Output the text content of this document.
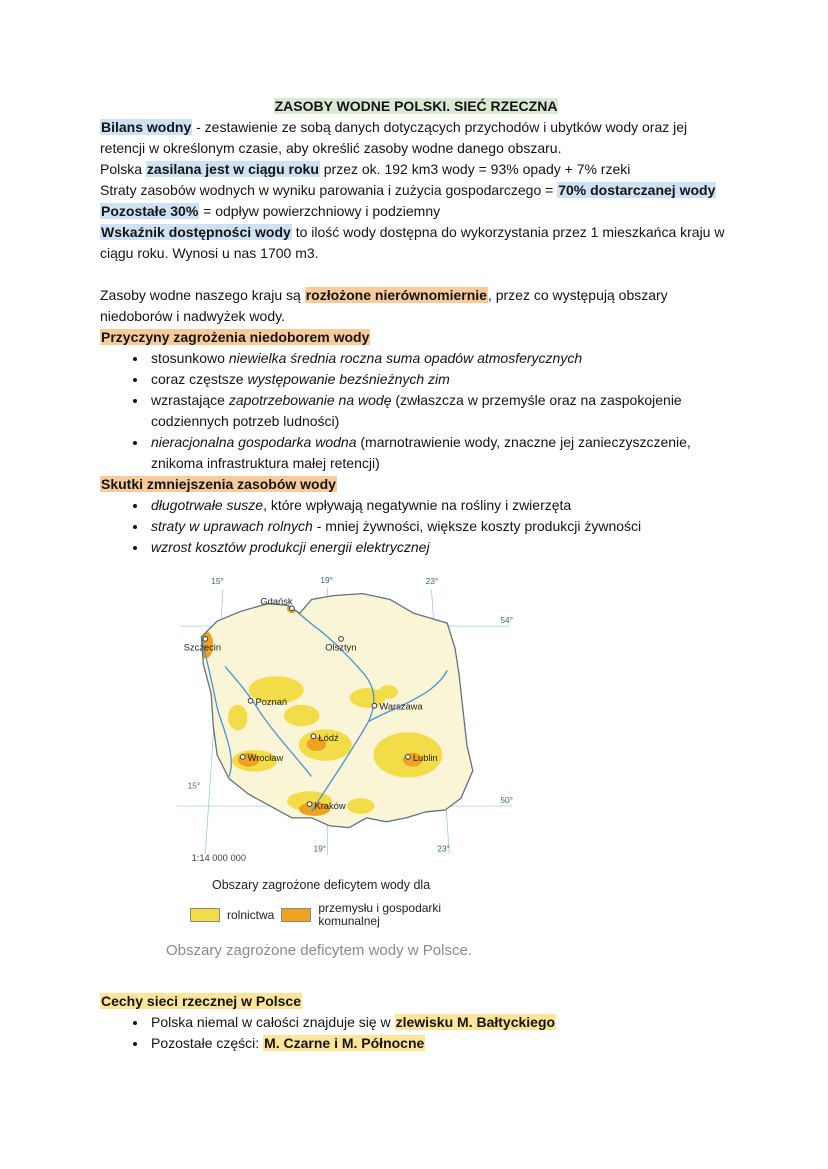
ZASOBY WODNE POLSKI. SIEĆ RZECZNA

Bilans wodny - zestawienie ze sobą danych dotyczących przychodów i ubytków wody oraz jej retencji w określonym czasie, aby określić zasoby wodne danego obszaru.

Polska zasilana jest w ciągu roku przez ok. 192 km3 wody = 93% opady + 7% rzeki

Straty zasobów wodnych w wyniku parowania i zużycia gospodarczego = 70% dostarczanej wody

Pozostałe 30% = odpływ powierzchniowy i podziemny

Wskaźnik dostępności wody to ilość wody dostępna do wykorzystania przez 1 mieszkańca kraju w ciągu roku. Wynosi u nas 1700 m3.

Zasoby wodne naszego kraju są rozłożone nierównomiernie, przez co występują obszary niedoborów i nadwyżek wody.

Przyczyny zagrożenia niedoborem wody

• stosunkowo niewielka średnia roczna suma opadów atmosferycznych
• coraz częstsze występowanie bezśnieżnych zim
• wzrastające zapotrzebowanie na wodę (zwłaszcza w przemyśle oraz na zaspokojenie codziennych potrzeb ludności)
• nieracjonalna gospodarka wodna (marnotrawienie wody, znaczne jej zanieczyszczenie, znikoma infrastruktura małej retencji)

Skutki zmniejszenia zasobów wody

• długotrwałe susze, które wpływają negatywnie na rośliny i zwierzęta
• straty w uprawach rolnych - mniej żywności, większe koszty produkcji żywności
• wzrost kosztów produkcji energii elektrycznej
15°	19°	23°
19°	23°
54°
50°
15°
Gdańsk
Szczecin	Olsztyn
Poznań	Warszawa
Łódź
Wrocław	Lublin
Kraków
1:14 000 000
Obszary zagrożone deficytem wody dla
rolnictwa	przemysłu i gospodarki komunalnej
Obszary zagrożone deficytem wody w Polsce.

Cechy sieci rzecznej w Polsce

• Polska niemal w całości znajduje się w zlewisku M. Bałtyckiego
• Pozostałe części: M. Czarne i M. Północne
